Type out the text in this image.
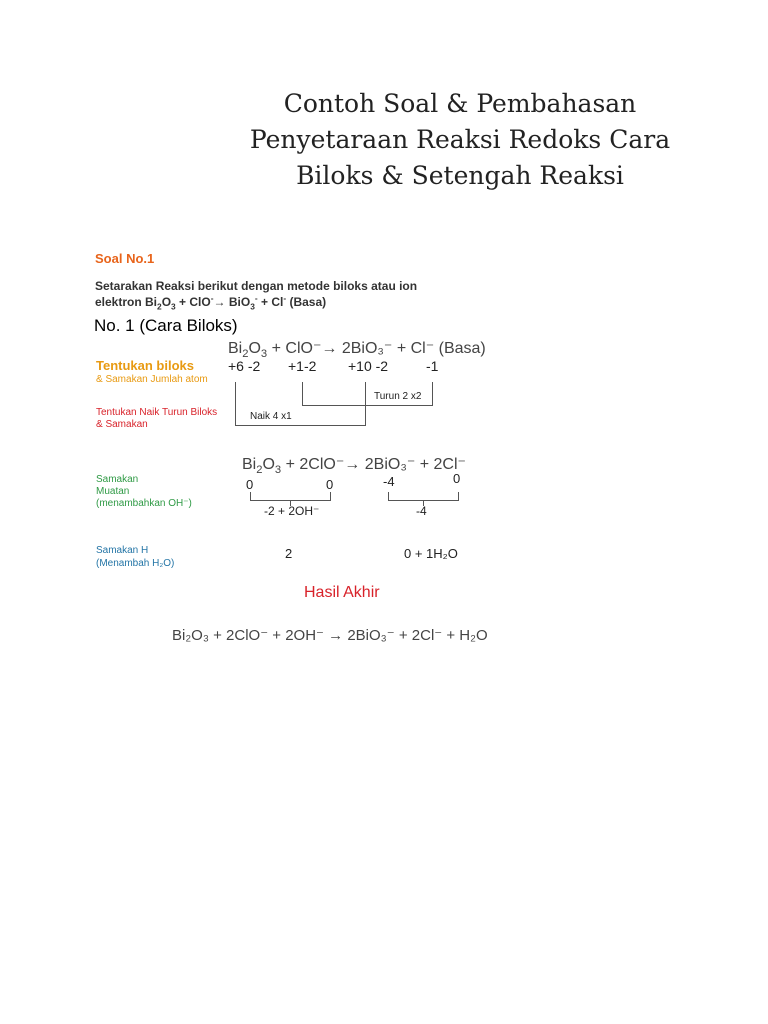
Contoh Soal & Pembahasan
Penyetaraan Reaksi Redoks Cara
Biloks & Setengah Reaksi
Soal No.1
Setarakan Reaksi berikut dengan metode biloks atau ion
elektron $Bi_2O_3 + ClO^-\to BiO_3^- + Cl^-$ (Basa)
No. 1 (Cara Biloks)
$Bi_2O_3 + ClO^-\to 2BiO_3^- + Cl^-$ (Basa)
Tentukan biloks
& Samakan Jumlah atom
+6 -2 +1-2 +10 -2	-1
Turun 2 x2
Naik 4 x1
Tentukan Naik Turun Biloks
& Samakan
$Bi_2O_3 + 2ClO^-\to 2BiO_3^- + 2Cl^-$
Samakan
Muatan
(menambahkan OH⁻)
0	0	-4	0
-2 + 2OH⁻	-4
Samakan H
(Menambah H₂O)
2	0 + 1H₂O
Hasil Akhir
Bi₂O₃ + 2ClO⁻ + 2OH⁻ → 2BiO₃⁻ + 2Cl⁻ + H₂O
